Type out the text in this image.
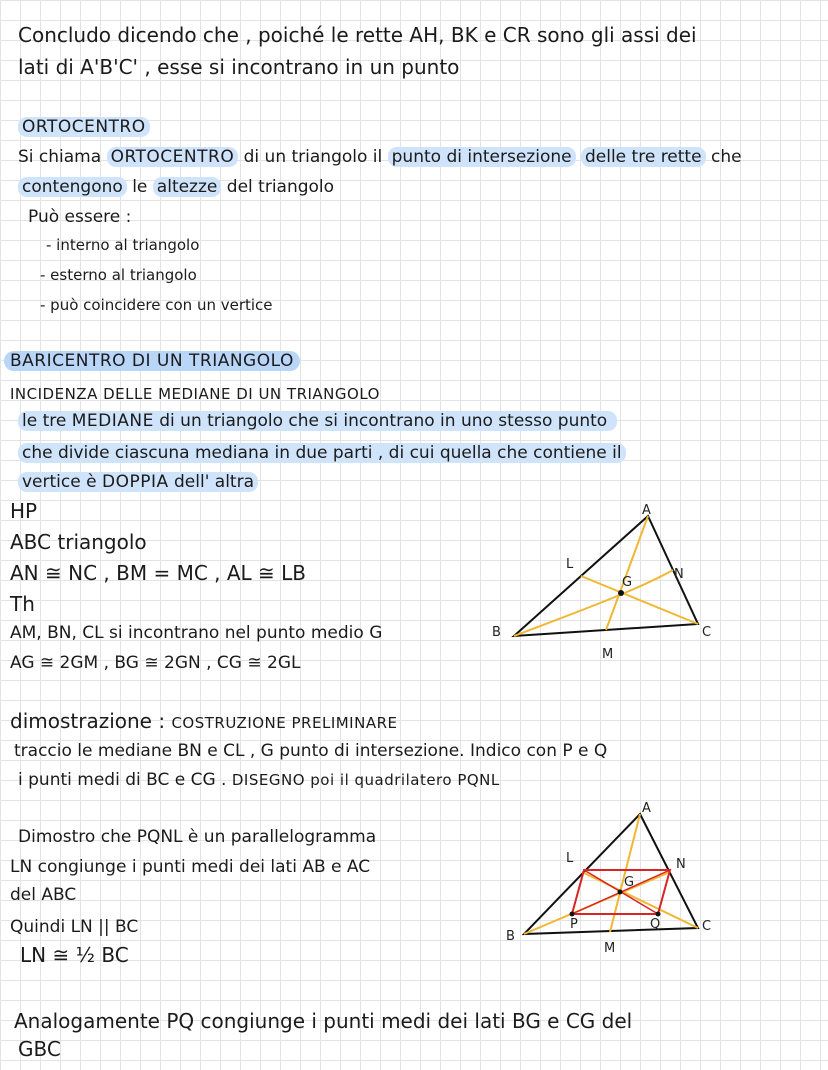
Concludo dicendo che , poiché le rette AH, BK e CR sono gli assi dei
lati di A'B'C' , esse si incontrano in un punto
ORTOCENTRO
Si chiama ORTOCENTRO di un triangolo il punto di intersezione delle tre rette che
contengono le altezze del triangolo
Può essere :
- interno al triangolo
- esterno al triangolo
- può coincidere con un vertice
BARICENTRO DI UN TRIANGOLO
INCIDENZA DELLE MEDIANE DI UN TRIANGOLO
le tre MEDIANE di un triangolo che si incontrano in uno stesso punto
che divide ciascuna mediana in due parti , di cui quella che contiene il
vertice è DOPPIA dell' altra
HP
ABC triangolo
AN ≅ NC , BM = MC , AL ≅ LB
Th
AM, BN, CL si incontrano nel punto medio G
AG ≅ 2GM , BG ≅ 2GN , CG ≅ 2GL
A
B	C
L
N
M
G
dimostrazione : COSTRUZIONE PRELIMINARE
traccio le mediane BN e CL , G punto di intersezione. Indico con P e Q
i punti medi di BC e CG . DISEGNO poi il quadrilatero PQNL
Dimostro che PQNL è un parallelogramma
LN congiunge i punti medi dei lati AB e AC
del ABC
Quindi LN || BC
LN ≅ ½ BC
A
B
C
L	N
M
G
P	Q
Analogamente PQ congiunge i punti medi dei lati BG e CG del
GBC
